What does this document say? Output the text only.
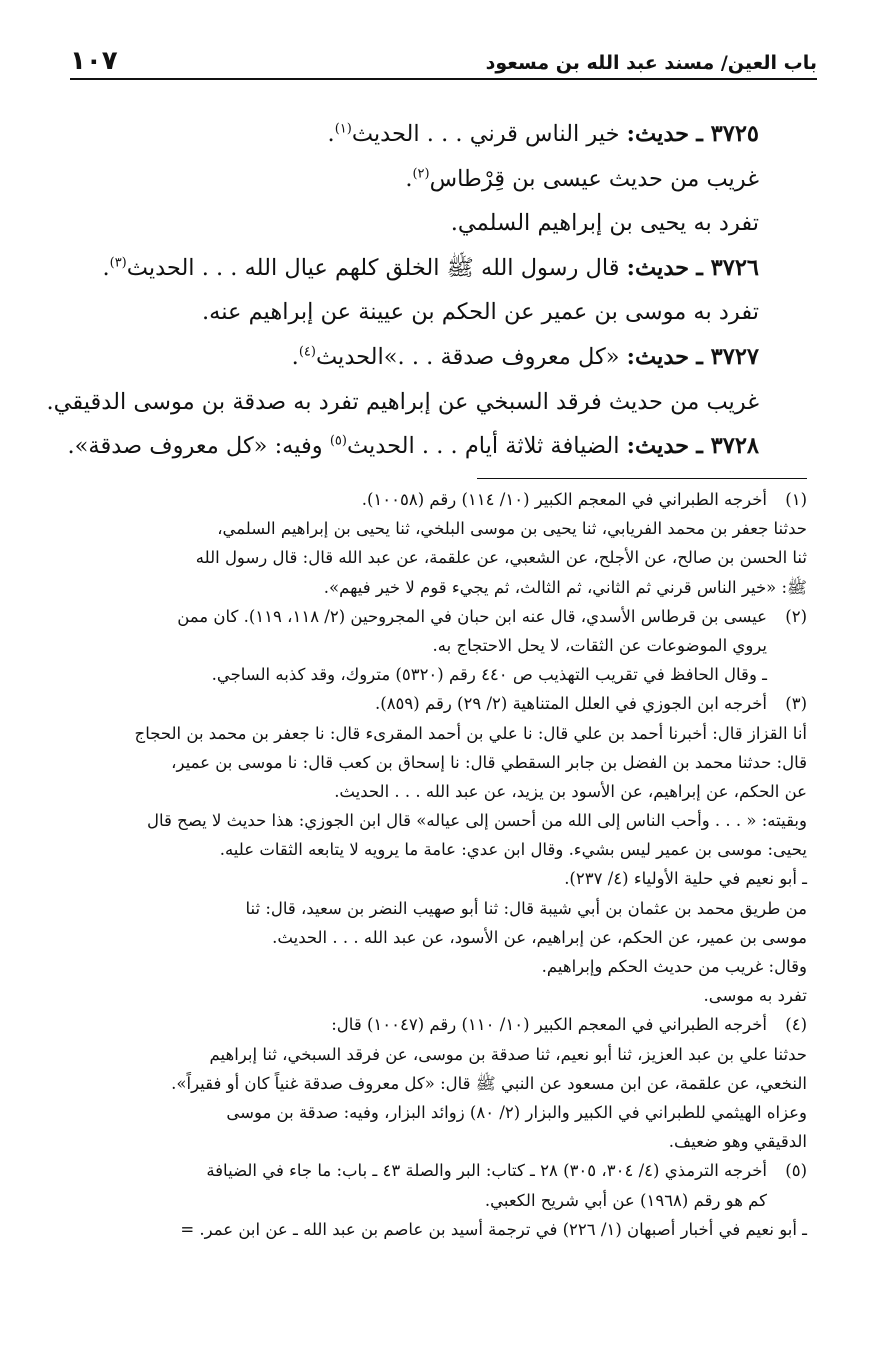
باب العين/ مسند عبد الله بن مسعود
١٠٧
٣٧٢٥ ـ حديث: خير الناس قرني . . . الحديث$^{(١)}$.
غريب من حديث عيسى بن قِرْطاس$^{(٢)}$.
تفرد به يحيى بن إبراهيم السلمي.
٣٧٢٦ ـ حديث: قال رسول الله ﷺ الخلق كلهم عيال الله . . . الحديث$^{(٣)}$.
تفرد به موسى بن عمير عن الحكم بن عيينة عن إبراهيم عنه.
٣٧٢٧ ـ حديث: «كل معروف صدقة . . .»الحديث$^{(٤)}$.
غريب من حديث فرقد السبخي عن إبراهيم تفرد به صدقة بن موسى الدقيقي.
٣٧٢٨ ـ حديث: الضيافة ثلاثة أيام . . . الحديث$^{(٥)}$ وفيه: «كل معروف صدقة».
(١)
أخرجه الطبراني في المعجم الكبير (١٠/ ١١٤) رقم (١٠٠٥٨).
حدثنا جعفر بن محمد الفريابي، ثنا يحيى بن موسى البلخي، ثنا يحيى بن إبراهيم السلمي،
ثنا الحسن بن صالح، عن الأجلح، عن الشعبي، عن علقمة، عن عبد الله قال: قال رسول الله
ﷺ: «خير الناس قرني ثم الثاني، ثم الثالث، ثم يجيء قوم لا خير فيهم».
(٢)
عيسى بن قرطاس الأسدي، قال عنه ابن حبان في المجروحين (٢/ ١١٨، ١١٩). كان ممن
يروي الموضوعات عن الثقات، لا يحل الاحتجاج به.
ـ وقال الحافظ في تقريب التهذيب ص ٤٤٠ رقم (٥٣٢٠) متروك، وقد كذبه الساجي.
(٣)
أخرجه ابن الجوزي في العلل المتناهية (٢/ ٢٩) رقم (٨٥٩).
أنا القزاز قال: أخبرنا أحمد بن علي قال: نا علي بن أحمد المقرىء قال: نا جعفر بن محمد بن الحجاج
قال: حدثنا محمد بن الفضل بن جابر السقطي قال: نا إسحاق بن كعب قال: نا موسى بن عمير،
عن الحكم، عن إبراهيم، عن الأسود بن يزيد، عن عبد الله . . . الحديث.
وبقيته: « . . . وأحب الناس إلى الله من أحسن إلى عياله» قال ابن الجوزي: هذا حديث لا يصح قال
يحيى: موسى بن عمير ليس بشيء. وقال ابن عدي: عامة ما يرويه لا يتابعه الثقات عليه.
ـ أبو نعيم في حلية الأولياء (٤/ ٢٣٧).
من طريق محمد بن عثمان بن أبي شيبة قال: ثنا أبو صهيب النضر بن سعيد، قال: ثنا
موسى بن عمير، عن الحكم، عن إبراهيم، عن الأسود، عن عبد الله . . . الحديث.
وقال: غريب من حديث الحكم وإبراهيم.
تفرد به موسى.
(٤)
أخرجه الطبراني في المعجم الكبير (١٠/ ١١٠) رقم (١٠٠٤٧) قال:
حدثنا علي بن عبد العزيز، ثنا أبو نعيم، ثنا صدقة بن موسى، عن فرقد السبخي، ثنا إبراهيم
النخعي، عن علقمة، عن ابن مسعود عن النبي ﷺ قال: «كل معروف صدقة غنياً كان أو فقيراً».
وعزاه الهيثمي للطبراني في الكبير والبزار (٢/ ٨٠) زوائد البزار، وفيه: صدقة بن موسى
الدقيقي وهو ضعيف.
(٥)
أخرجه الترمذي (٤/ ٣٠٤، ٣٠٥) ٢٨ ـ كتاب: البر والصلة ٤٣ ـ باب: ما جاء في الضيافة
كم هو رقم (١٩٦٨) عن أبي شريح الكعبي.
ـ أبو نعيم في أخبار أصبهان (١/ ٢٢٦) في ترجمة أسيد بن عاصم بن عبد الله ـ عن ابن عمر. =
